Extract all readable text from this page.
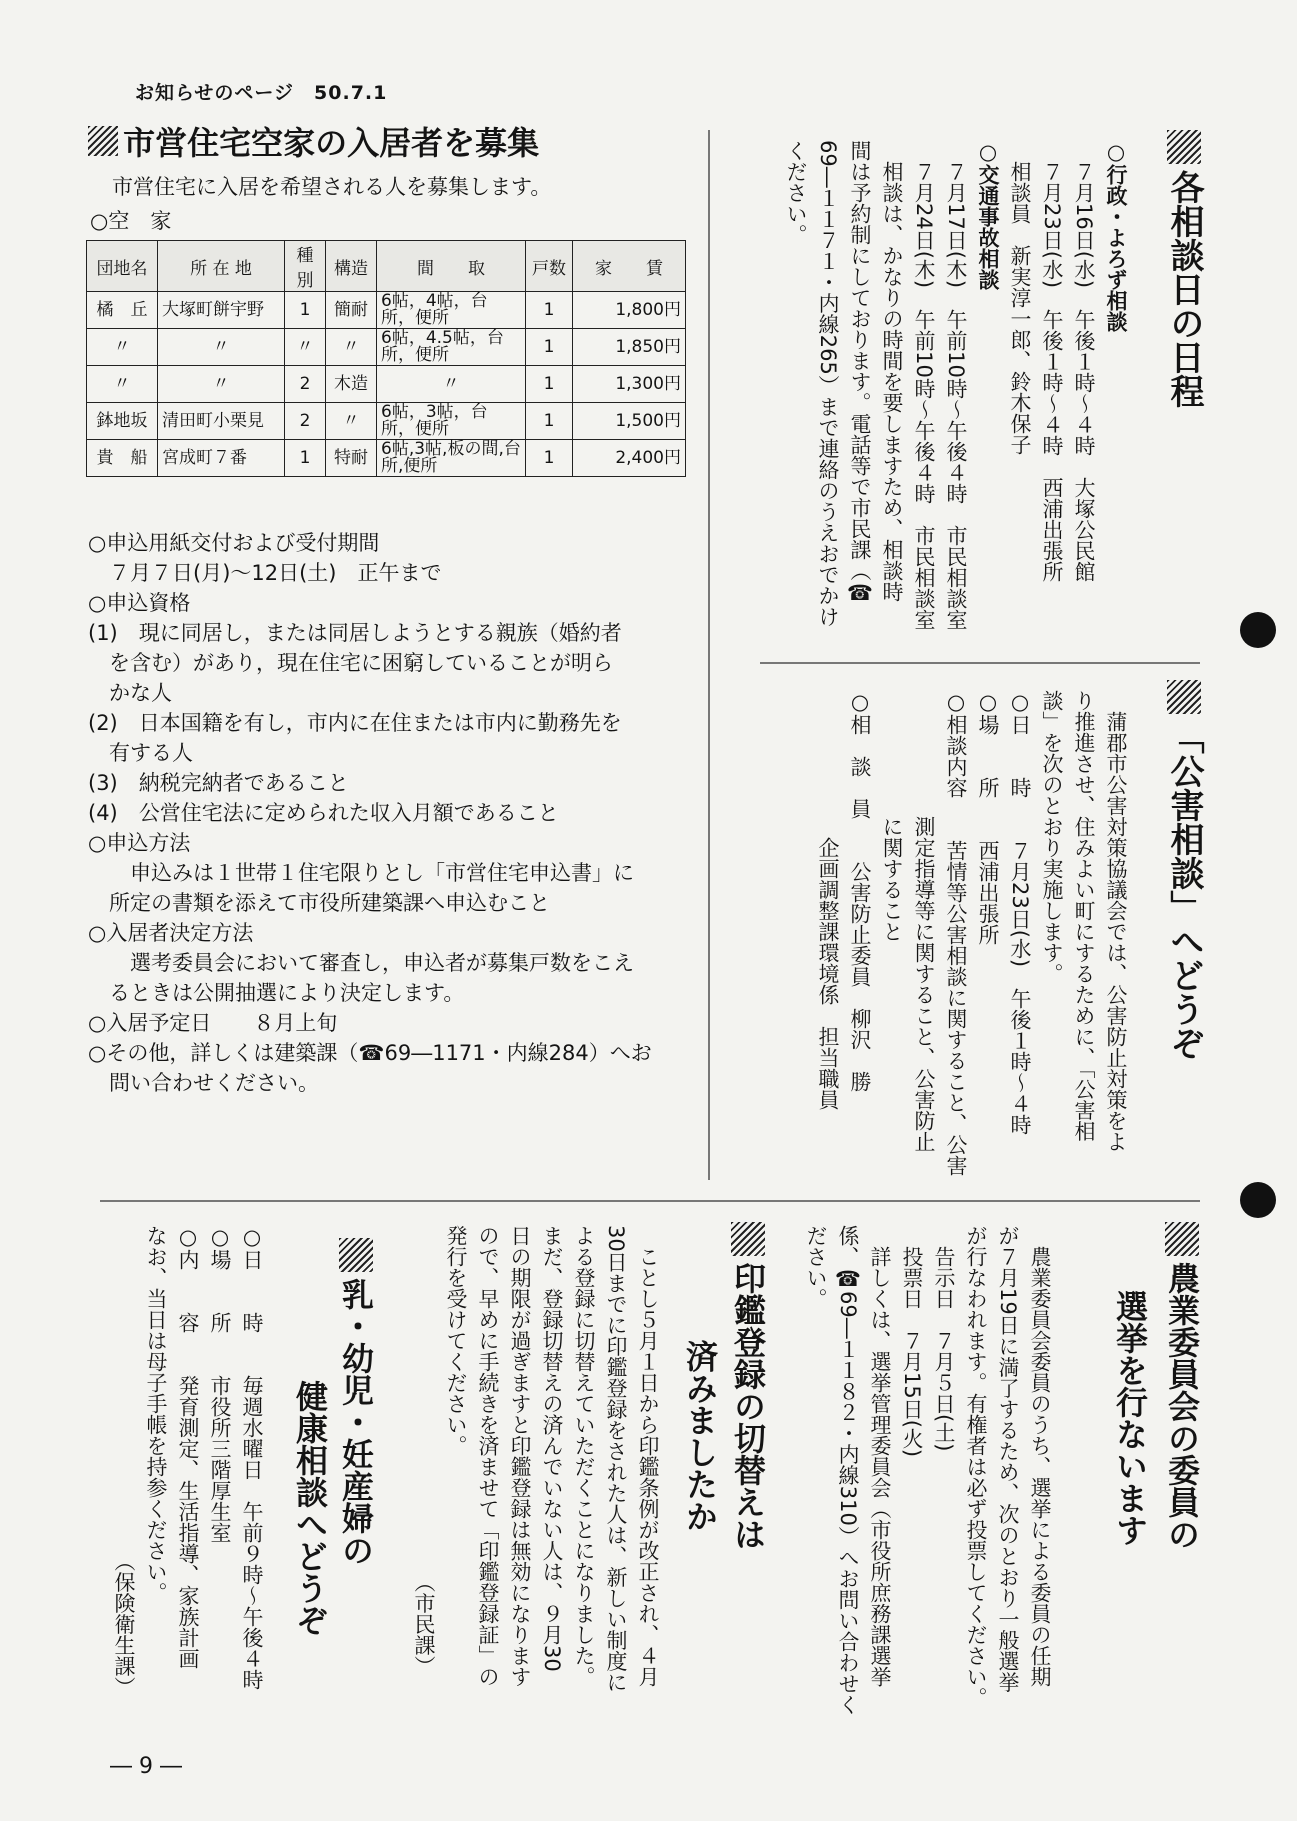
お知らせのページ　50.7.1
市営住宅空家の入居者を募集
市営住宅に入居を希望される人を募集します。
○空　家
団地名	所 在 地	種別	構造	間　　取	戸数	家　　賃
橘　丘	大塚町餅宇野	1	簡耐	6帖，4帖，台所，便所	1	1,800円
〃	〃	〃	〃	6帖，4.5帖，台所，便所	1	1,850円
〃	〃	2	木造	〃	1	1,300円
鉢地坂	清田町小栗見	2	〃	6帖，3帖，台所，便所	1	1,500円
貴　船	宮成町７番	1	特耐	6帖,3帖,板の間,台所,便所	1	2,400円
○申込用紙交付および受付期間
　７月７日(月)〜12日(土)　正午まで
○申込資格
(1)　現に同居し，または同居しようとする親族（婚約者
　を含む）があり，現在住宅に困窮していることが明ら
　かな人
(2)　日本国籍を有し，市内に在住または市内に勤務先を
　有する人
(3)　納税完納者であること
(4)　公営住宅法に定められた収入月額であること
○申込方法
　　申込みは１世帯１住宅限りとし「市営住宅申込書」に
　所定の書類を添えて市役所建築課へ申込むこと
○入居者決定方法
　　選考委員会において審査し，申込者が募集戸数をこえ
　るときは公開抽選により決定します。
○入居予定日　　８月上旬
○その他，詳しくは建築課（☎69―1171・内線284）へお
　問い合わせください。
各相談日の日程
○行政・よろず相談
　７月16日(水)　午後１時〜４時　大塚公民館
　７月23日(水)　午後１時〜４時　西浦出張所
　相談員　新実淳一郎、鈴木保子
○交通事故相談
　７月17日(木)　午前10時〜午後４時　市民相談室
　７月24日(木)　午前10時〜午後４時　市民相談室
　相談は、かなりの時間を要しますため、相談時
間は予約制にしております。電話等で市民課（☎
69―１１７１・内線265）まで連絡のうえおでかけ
ください。
「公害相談」へどうぞ
　蒲郡市公害対策協議会では、公害防止対策をよ
り推進させ、住みよい町にするために、「公害相
談」を次のとおり実施します。
○日　　時　　７月23日(水)　午後１時〜４時
○場　　所　　西浦出張所
○相談内容　　苦情等公害相談に関すること、公害
　　　　　　測定指導等に関すること、公害防止
　　　　　　に関すること
○相　談　員　　公害防止委員　柳沢　勝
　　　　　　　企画調整課環境係　担当職員
農業委員会の委員の
選挙を行ないます
　農業委員会委員のうち、選挙による委員の任期
が７月19日に満了するため、次のとおり一般選挙
が行なわれます。有権者は必ず投票してください。
　告示日　７月５日(土)
　投票日　７月15日(火)
　詳しくは、選挙管理委員会（市役所庶務課選挙
係、☎69―１１８２・内線310）へお問い合わせく
ださい。
印鑑登録の切替えは
済みましたか
　ことし５月１日から印鑑条例が改正され、４月
30日までに印鑑登録をされた人は、新しい制度に
よる登録に切替えていただくことになりました。
まだ、登録切替えの済んでいない人は、９月30
日の期限が過ぎますと印鑑登録は無効になります
ので、早めに手続きを済ませて「印鑑登録証」の
発行を受けてください。
　　　　　　　　　　　　　　　　　（市民課）
乳・幼児・妊産婦の
健康相談へどうぞ
○日　　時　　毎週水曜日　午前９時〜午後４時
○場　　所　　市役所三階厚生室
○内　　容　　発育測定、生活指導、家族計画
なお、当日は母子手帳を持参ください。
　　　　　　　　　　　　　　　　（保険衛生課）
― 9 ―
